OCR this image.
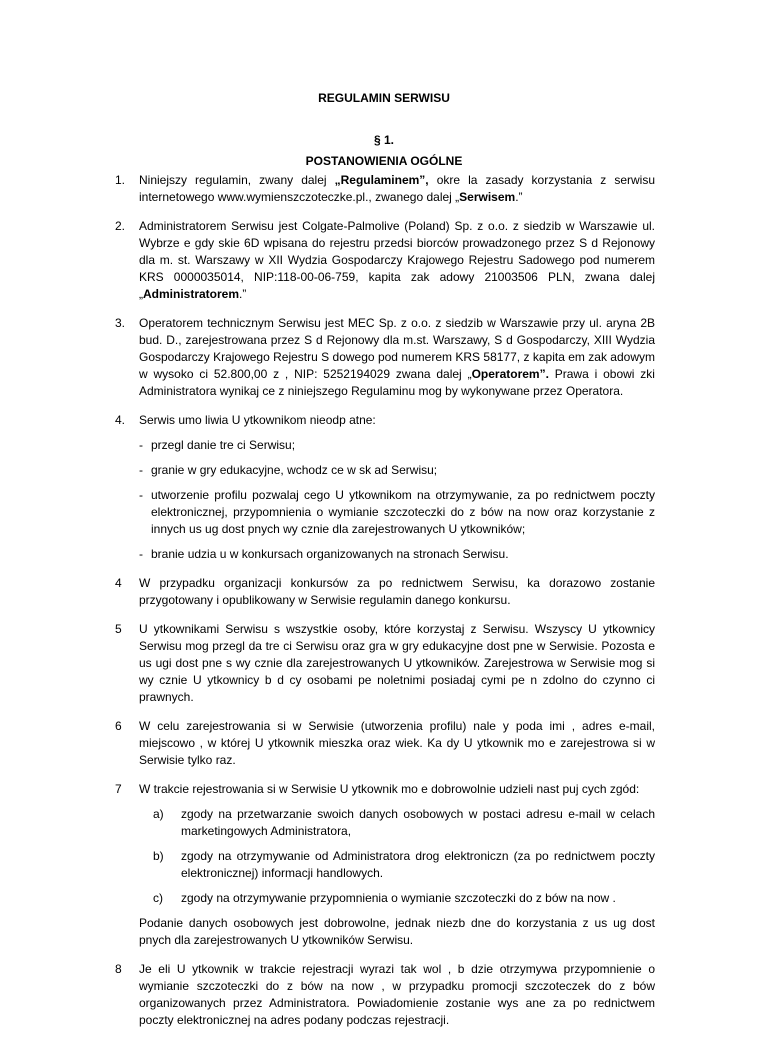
REGULAMIN SERWISU

§ 1.

POSTANOWIENIA OGÓLNE

1. Niniejszy regulamin, zwany dalej „Regulaminem”, okre la zasady korzystania z serwisu internetowego www.wymienszczoteczke.pl., zwanego dalej „Serwisem.”
2. Administratorem Serwisu jest Colgate-Palmolive (Poland) Sp. z o.o. z siedzib w Warszawie ul. Wybrze e gdy skie 6D wpisana do rejestru przedsi biorców prowadzonego przez S d Rejonowy dla m. st. Warszawy w XII Wydzia Gospodarczy Krajowego Rejestru Sadowego pod numerem KRS 0000035014, NIP:118-00-06-759, kapita zak adowy 21003506 PLN, zwana dalej „Administratorem.”
3. Operatorem technicznym Serwisu jest MEC Sp. z o.o. z siedzib w Warszawie przy ul. aryna 2B bud. D., zarejestrowana przez S d Rejonowy dla m.st. Warszawy, S d Gospodarczy, XIII Wydzia Gospodarczy Krajowego Rejestru S dowego pod numerem KRS 58177, z kapita em zak adowym w wysoko ci 52.800,00 z , NIP: 5252194029 zwana dalej „Operatorem”. Prawa i obowi zki Administratora wynikaj ce z niniejszego Regulaminu mog by wykonywane przez Operatora.
4. Serwis umo liwia U ytkownikom nieodp atne:
- przegl danie tre ci Serwisu;
- granie w gry edukacyjne, wchodz ce w sk ad Serwisu;
- utworzenie profilu pozwalaj cego U ytkownikom na otrzymywanie, za po rednictwem poczty elektronicznej, przypomnienia o wymianie szczoteczki do z bów na now oraz korzystanie z innych us ug dost pnych wy cznie dla zarejestrowanych U ytkowników;
- branie udzia u w konkursach organizowanych na stronach Serwisu.
4 W przypadku organizacji konkursów za po rednictwem Serwisu, ka dorazowo zostanie przygotowany i opublikowany w Serwisie regulamin danego konkursu.
5 U ytkownikami Serwisu s wszystkie osoby, które korzystaj z Serwisu. Wszyscy U ytkownicy Serwisu mog przegl da tre ci Serwisu oraz gra w gry edukacyjne dost pne w Serwisie. Pozosta e us ugi dost pne s wy cznie dla zarejestrowanych U ytkowników. Zarejestrowa w Serwisie mog si wy cznie U ytkownicy b d cy osobami pe noletnimi posiadaj cymi pe n zdolno do czynno ci prawnych.
6 W celu zarejestrowania si w Serwisie (utworzenia profilu) nale y poda imi , adres e-mail, miejscowo , w której U ytkownik mieszka oraz wiek. Ka dy U ytkownik mo e zarejestrowa si w Serwisie tylko raz.
7 W trakcie rejestrowania si w Serwisie U ytkownik mo e dobrowolnie udzieli nast puj cych zgód:
a) zgody na przetwarzanie swoich danych osobowych w postaci adresu e-mail w celach marketingowych Administratora,
b) zgody na otrzymywanie od Administratora drog elektroniczn (za po rednictwem poczty elektronicznej) informacji handlowych.
c) zgody na otrzymywanie przypomnienia o wymianie szczoteczki do z bów na now .
Podanie danych osobowych jest dobrowolne, jednak niezb dne do korzystania z us ug dost pnych dla zarejestrowanych U ytkowników Serwisu.
8 Je eli U ytkownik w trakcie rejestracji wyrazi tak wol , b dzie otrzymywa przypomnienie o wymianie szczoteczki do z bów na now , w przypadku promocji szczoteczek do z bów organizowanych przez Administratora. Powiadomienie zostanie wys ane za po rednictwem poczty elektronicznej na adres podany podczas rejestracji.
